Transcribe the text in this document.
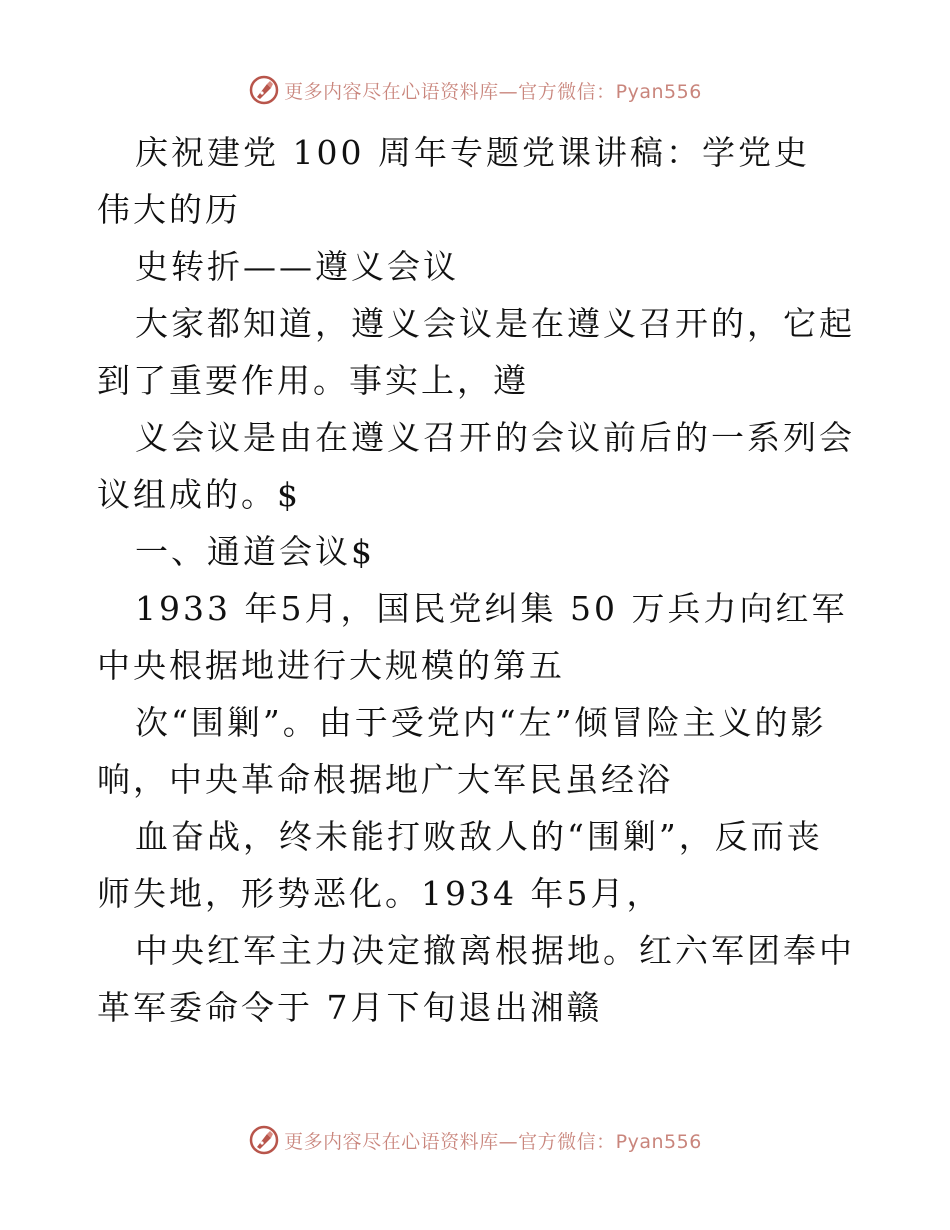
更多内容尽在心语资料库—官方微信：Pyan556

庆祝建党 100 周年专题党课讲稿：学党史 伟大的历

史转折——遵义会议

大家都知道，遵义会议是在遵义召开的，它起到了重要作用。事实上，遵

义会议是由在遵义召开的会议前后的一系列会议组成的。$

一、通道会议$

1933 年5月，国民党纠集 50 万兵力向红军中央根据地进行大规模的第五

次“围剿”。由于受党内“左”倾冒险主义的影响，中央革命根据地广大军民虽经浴

血奋战，终未能打败敌人的“围剿”，反而丧师失地，形势恶化。1934 年5月，

中央红军主力决定撤离根据地。红六军团奉中革军委命令于 7月下旬退出湘赣

更多内容尽在心语资料库—官方微信：Pyan556
